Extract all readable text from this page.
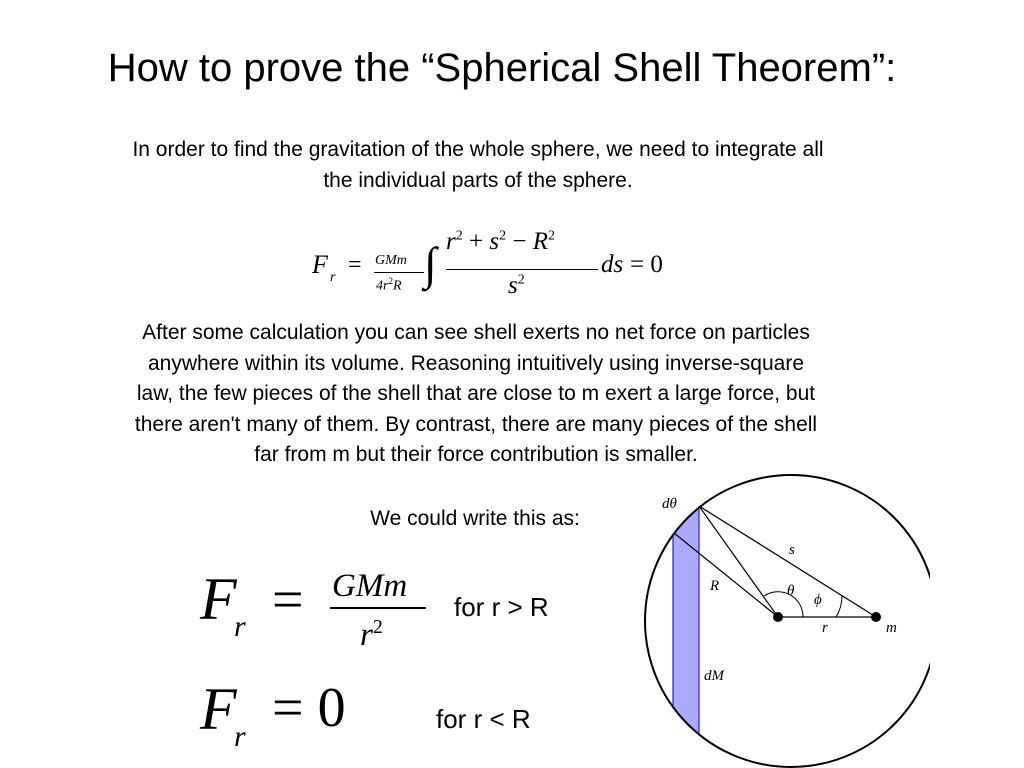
How to prove the “Spherical Shell Theorem”:
In order to find the gravitation of the whole sphere, we need to integrate all
the individual parts of the sphere.
F r = GMm
$4r^2R$ ∫ $r^2 + s^2 - R^2$
$s^2$
ds = 0
After some calculation you can see shell exerts no net force on particles
anywhere within its volume. Reasoning intuitively using inverse-square
law, the few pieces of the shell that are close to m exert a large force, but
there aren't many of them. By contrast, there are many pieces of the shell
far from m but their force contribution is smaller.
We could write this as:
F
r = GMm
$r^2$
for r > R
F
r = 0	for r < R
dθ
s
R	θ
ϕ
r	m
dM
